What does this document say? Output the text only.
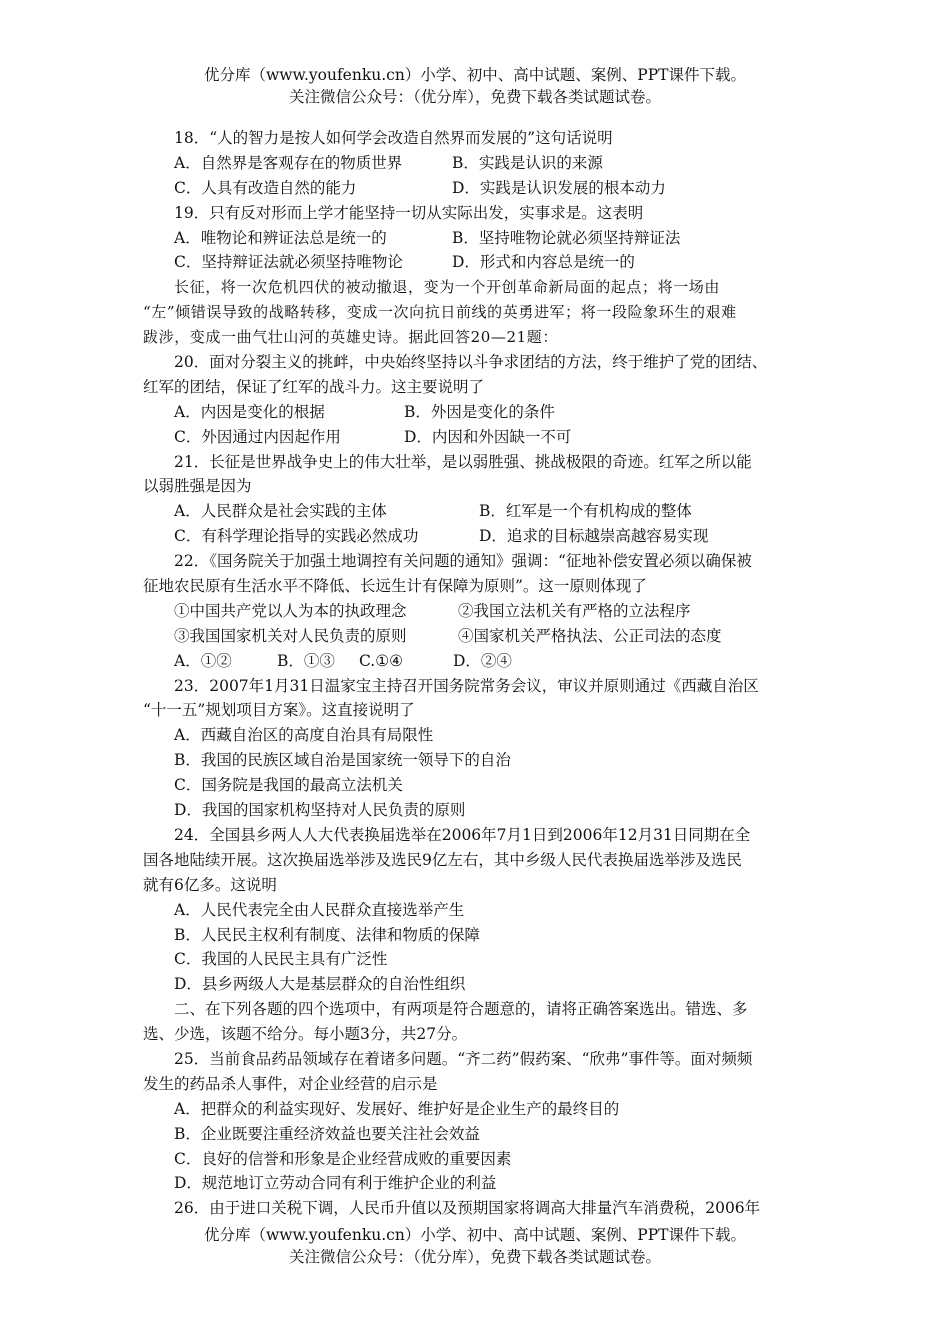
优分库（www.youfenku.cn）小学、初中、高中试题、案例、PPT课件下载。
关注微信公众号：（优分库），免费下载各类试题试卷。
18．“人的智力是按人如何学会改造自然界而发展的”这句话说明
A．自然界是客观存在的物质世界	B．实践是认识的来源
C．人具有改造自然的能力	D．实践是认识发展的根本动力
19．只有反对形而上学才能坚持一切从实际出发，实事求是。这表明
A．唯物论和辨证法总是统一的	B．坚持唯物论就必须坚持辩证法
C．坚持辩证法就必须坚持唯物论	D．形式和内容总是统一的
长征，将一次危机四伏的被动撤退，变为一个开创革命新局面的起点；将一场由
“左”倾错误导致的战略转移，变成一次向抗日前线的英勇进军；将一段险象环生的艰难
跋涉，变成一曲气壮山河的英雄史诗。据此回答20—21题：
20．面对分裂主义的挑衅，中央始终坚持以斗争求团结的方法，终于维护了党的团结、
红军的团结，保证了红军的战斗力。这主要说明了
A．内因是变化的根据	B．外因是变化的条件
C．外因通过内因起作用	D．内因和外因缺一不可
21．长征是世界战争史上的伟大壮举，是以弱胜强、挑战极限的奇迹。红军之所以能
以弱胜强是因为
A．人民群众是社会实践的主体	B．红军是一个有机构成的整体
C．有科学理论指导的实践必然成功	D．追求的目标越崇高越容易实现
22．《国务院关于加强土地调控有关问题的通知》强调：“征地补偿安置必须以确保被
征地农民原有生活水平不降低、长远生计有保障为原则”。这一原则体现了
①中国共产党以人为本的执政理念	②我国立法机关有严格的立法程序
③我国国家机关对人民负责的原则	④国家机关严格执法、公正司法的态度
A．①②	B．①③	C.①④	D．②④
23．2007年1月31日温家宝主持召开国务院常务会议，审议并原则通过《西藏自治区
“十一五”规划项目方案》。这直接说明了
A．西藏自治区的高度自治具有局限性
B．我国的民族区域自治是国家统一领导下的自治
C．国务院是我国的最高立法机关
D．我国的国家机构坚持对人民负责的原则
24．全国县乡两人人大代表换届选举在2006年7月1日到2006年12月31日同期在全
国各地陆续开展。这次换届选举涉及选民9亿左右，其中乡级人民代表换届选举涉及选民
就有6亿多。这说明
A．人民代表完全由人民群众直接选举产生
B．人民民主权利有制度、法律和物质的保障
C．我国的人民民主具有广泛性
D．县乡两级人大是基层群众的自治性组织
二、在下列各题的四个选项中，有两项是符合题意的，请将正确答案选出。错选、多
选、少选，该题不给分。每小题3分，共27分。
25．当前食品药品领域存在着诸多问题。“齐二药”假药案、“欣弗”事件等。面对频频
发生的药品杀人事件，对企业经营的启示是
A．把群众的利益实现好、发展好、维护好是企业生产的最终目的
B．企业既要注重经济效益也要关注社会效益
C．良好的信誉和形象是企业经营成败的重要因素
D．规范地订立劳动合同有利于维护企业的利益
26．由于进口关税下调，人民币升值以及预期国家将调高大排量汽车消费税，2006年
优分库（www.youfenku.cn）小学、初中、高中试题、案例、PPT课件下载。
关注微信公众号：（优分库），免费下载各类试题试卷。
